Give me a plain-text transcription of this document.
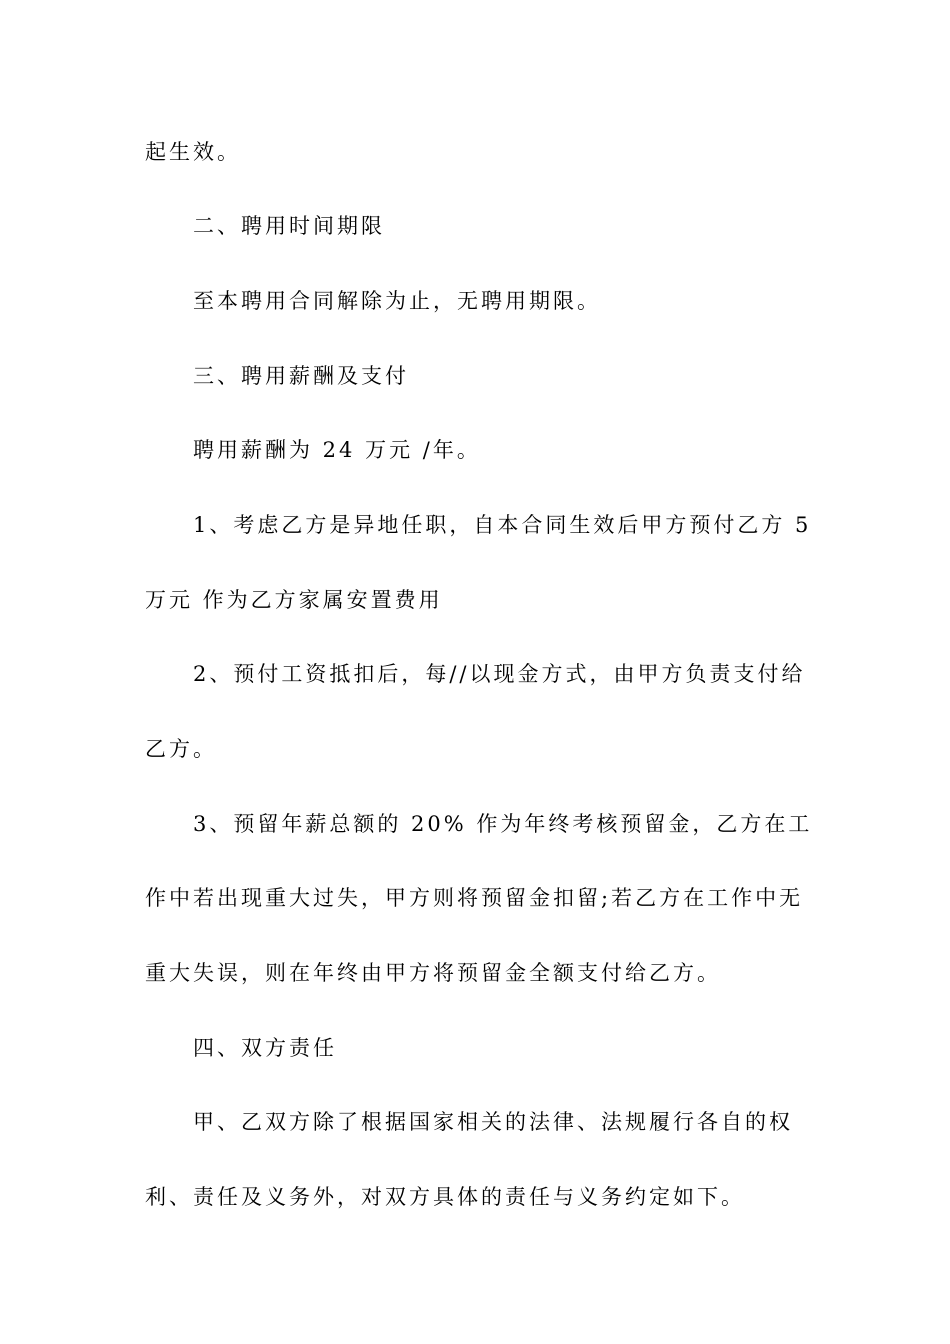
起生效。
二、聘用时间期限
至本聘用合同解除为止，无聘用期限。
三、聘用薪酬及支付
聘用薪酬为 24 万元 /年。
1、考虑乙方是异地任职，自本合同生效后甲方预付乙方 5
万元 作为乙方家属安置费用
2、预付工资抵扣后，每//以现金方式，由甲方负责支付给
乙方。
3、预留年薪总额的 20% 作为年终考核预留金，乙方在工
作中若出现重大过失，甲方则将预留金扣留;若乙方在工作中无
重大失误，则在年终由甲方将预留金全额支付给乙方。
四、双方责任
甲、乙双方除了根据国家相关的法律、法规履行各自的权
利、责任及义务外，对双方具体的责任与义务约定如下。
